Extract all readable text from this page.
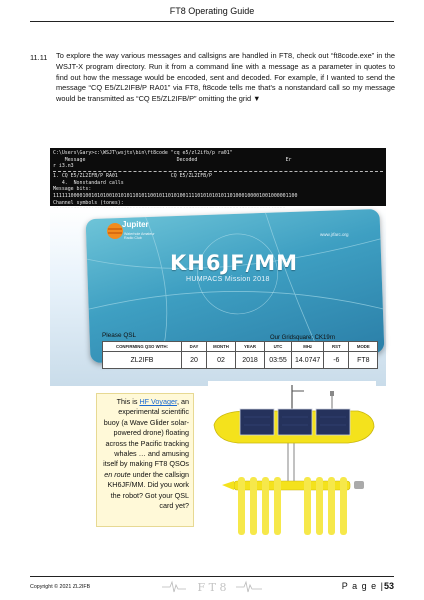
FT8 Operating Guide
11.11 To explore the way various messages and callsigns are handled in FT8, check out “ft8code.exe” in the WSJT-X program directory. Run it from a command line with a message as a parameter in quotes to find out how the message would be encoded, sent and decoded. For example, if I wanted to send the message “CQ E5/ZL2IFB/P RA01” via FT8, ft8code tells me that’s a nonstandard call so my message would be transmitted as “CQ E5/ZL2IFB/P” omitting the grid ▼

C:\Users\Gary>c:\WSJT\wsjtx\bin\ft8code "cq e5/zl2ifb/p ra01"
Message                               Decoded                              Er
r i3.n3
1. CQ E5/ZL2IFB/P RA01                  CQ E5/ZL2IFB/P
4.  Nonstandard calls
Message bits:
11111100001001010100101010110101100101101010011110101010101101000100001001000001100
Channel symbols (tones):
Jupiter
Waterhole Amateur Radio Club
www.jrfarc.org
KH6JF/MM
HUMPACS Mission 2018
Please QSL	Our Gridsquare: CK19rn
CONFIRMING QSO WITH:	DAY	MONTH	YEAR	UTC	MHz	RST	MODE
ZL2IFB	20	02	2018	03:55	14.0747	-6	FT8
This is HF Voyager, an experimental scientific buoy (a Wave Glider solar-powered drone) floating across the Pacific tracking whales … and amusing itself by making FT8 QSOs en route under the callsign KH6JF/MM. Did you work the robot? Got your QSL card yet?
Copyright © 2021 ZL2IFB	F T 8	P a g e |53
